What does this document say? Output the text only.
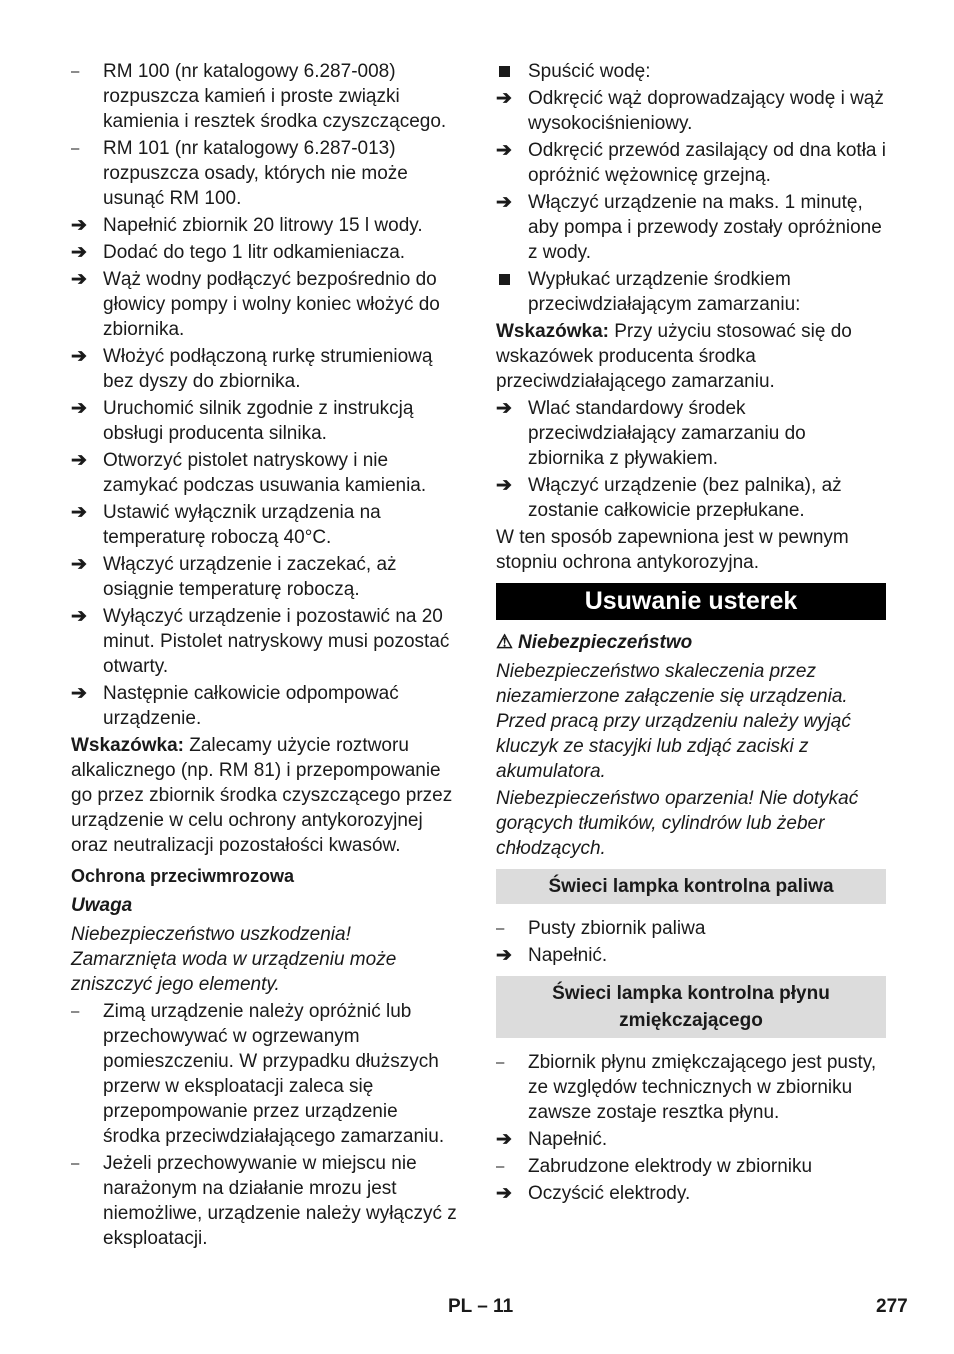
–	RM 100 (nr katalogowy 6.287-008) rozpuszcza kamień i proste związki kamienia i resztek środka czyszczącego.
–	RM 101 (nr katalogowy 6.287-013) rozpuszcza osady, których nie może usunąć RM 100.
➔ Napełnić zbiornik 20 litrowy 15 l wody.
➔ Dodać do tego 1 litr odkamieniacza.
➔ Wąż wodny podłączyć bezpośrednio do głowicy pompy i wolny koniec włożyć do zbiornika.
➔ Włożyć podłączoną rurkę strumieniową bez dyszy do zbiornika.
➔ Uruchomić silnik zgodnie z instrukcją obsługi producenta silnika.
➔ Otworzyć pistolet natryskowy i nie zamykać podczas usuwania kamienia.
➔ Ustawić wyłącznik urządzenia na temperaturę roboczą 40°C.
➔ Włączyć urządzenie i zaczekać, aż osiągnie temperaturę roboczą.
➔ Wyłączyć urządzenie i pozostawić na 20 minut. Pistolet natryskowy musi pozostać otwarty.
➔ Następnie całkowicie odpompować urządzenie.

Wskazówka: Zalecamy użycie roztworu alkalicznego (np. RM 81) i przepompowanie go przez zbiornik środka czyszczącego przez urządzenie w celu ochrony antykorozyjnej oraz neutralizacji pozostałości kwasów.

Ochrona przeciwmrozowa
Uwaga

Niebezpieczeństwo uszkodzenia! Zamarznięta woda w urządzeniu może zniszczyć jego elementy.

–	Zimą urządzenie należy opróżnić lub przechowywać w ogrzewanym pomieszczeniu. W przypadku dłuższych przerw w eksploatacji zaleca się przepompowanie przez urządzenie środka przeciwdziałającego zamarzaniu.
–	Jeżeli przechowywanie w miejscu nie narażonym na działanie mrozu jest niemożliwe, urządzenie należy wyłączyć z eksploatacji.
Spuścić wodę:
➔ Odkręcić wąż doprowadzający wodę i wąż wysokociśnieniowy.
➔ Odkręcić przewód zasilający od dna kotła i opróżnić wężownicę grzejną.
➔ Włączyć urządzenie na maks. 1 minutę, aby pompa i przewody zostały opróżnione z wody.
Wypłukać urządzenie środkiem przeciwdziałającym zamarzaniu:

Wskazówka: Przy użyciu stosować się do wskazówek producenta środka przeciwdziałającego zamarzaniu.

➔ Wlać standardowy środek przeciwdziałający zamarzaniu do zbiornika z pływakiem.
➔ Włączyć urządzenie (bez palnika), aż zostanie całkowicie przepłukane.

W ten sposób zapewniona jest w pewnym stopniu ochrona antykorozyjna.

Usuwanie usterek
⚠ Niebezpieczeństwo

Niebezpieczeństwo skaleczenia przez niezamierzone załączenie się urządzenia. Przed pracą przy urządzeniu należy wyjąć kluczyk ze stacyjki lub zdjąć zaciski z akumulatora.

Niebezpieczeństwo oparzenia! Nie dotykać gorących tłumików, cylindrów lub żeber chłodzących.

Świeci lampka kontrolna paliwa
–	Pusty zbiornik paliwa
➔ Napełnić.
Świeci lampka kontrolna płynu zmiękczającego
–	Zbiornik płynu zmiękczającego jest pusty, ze względów technicznych w zbiorniku zawsze zostaje resztka płynu.
➔ Napełnić.
–	Zabrudzone elektrody w zbiorniku
➔ Oczyścić elektrody.
PL – 11	277
